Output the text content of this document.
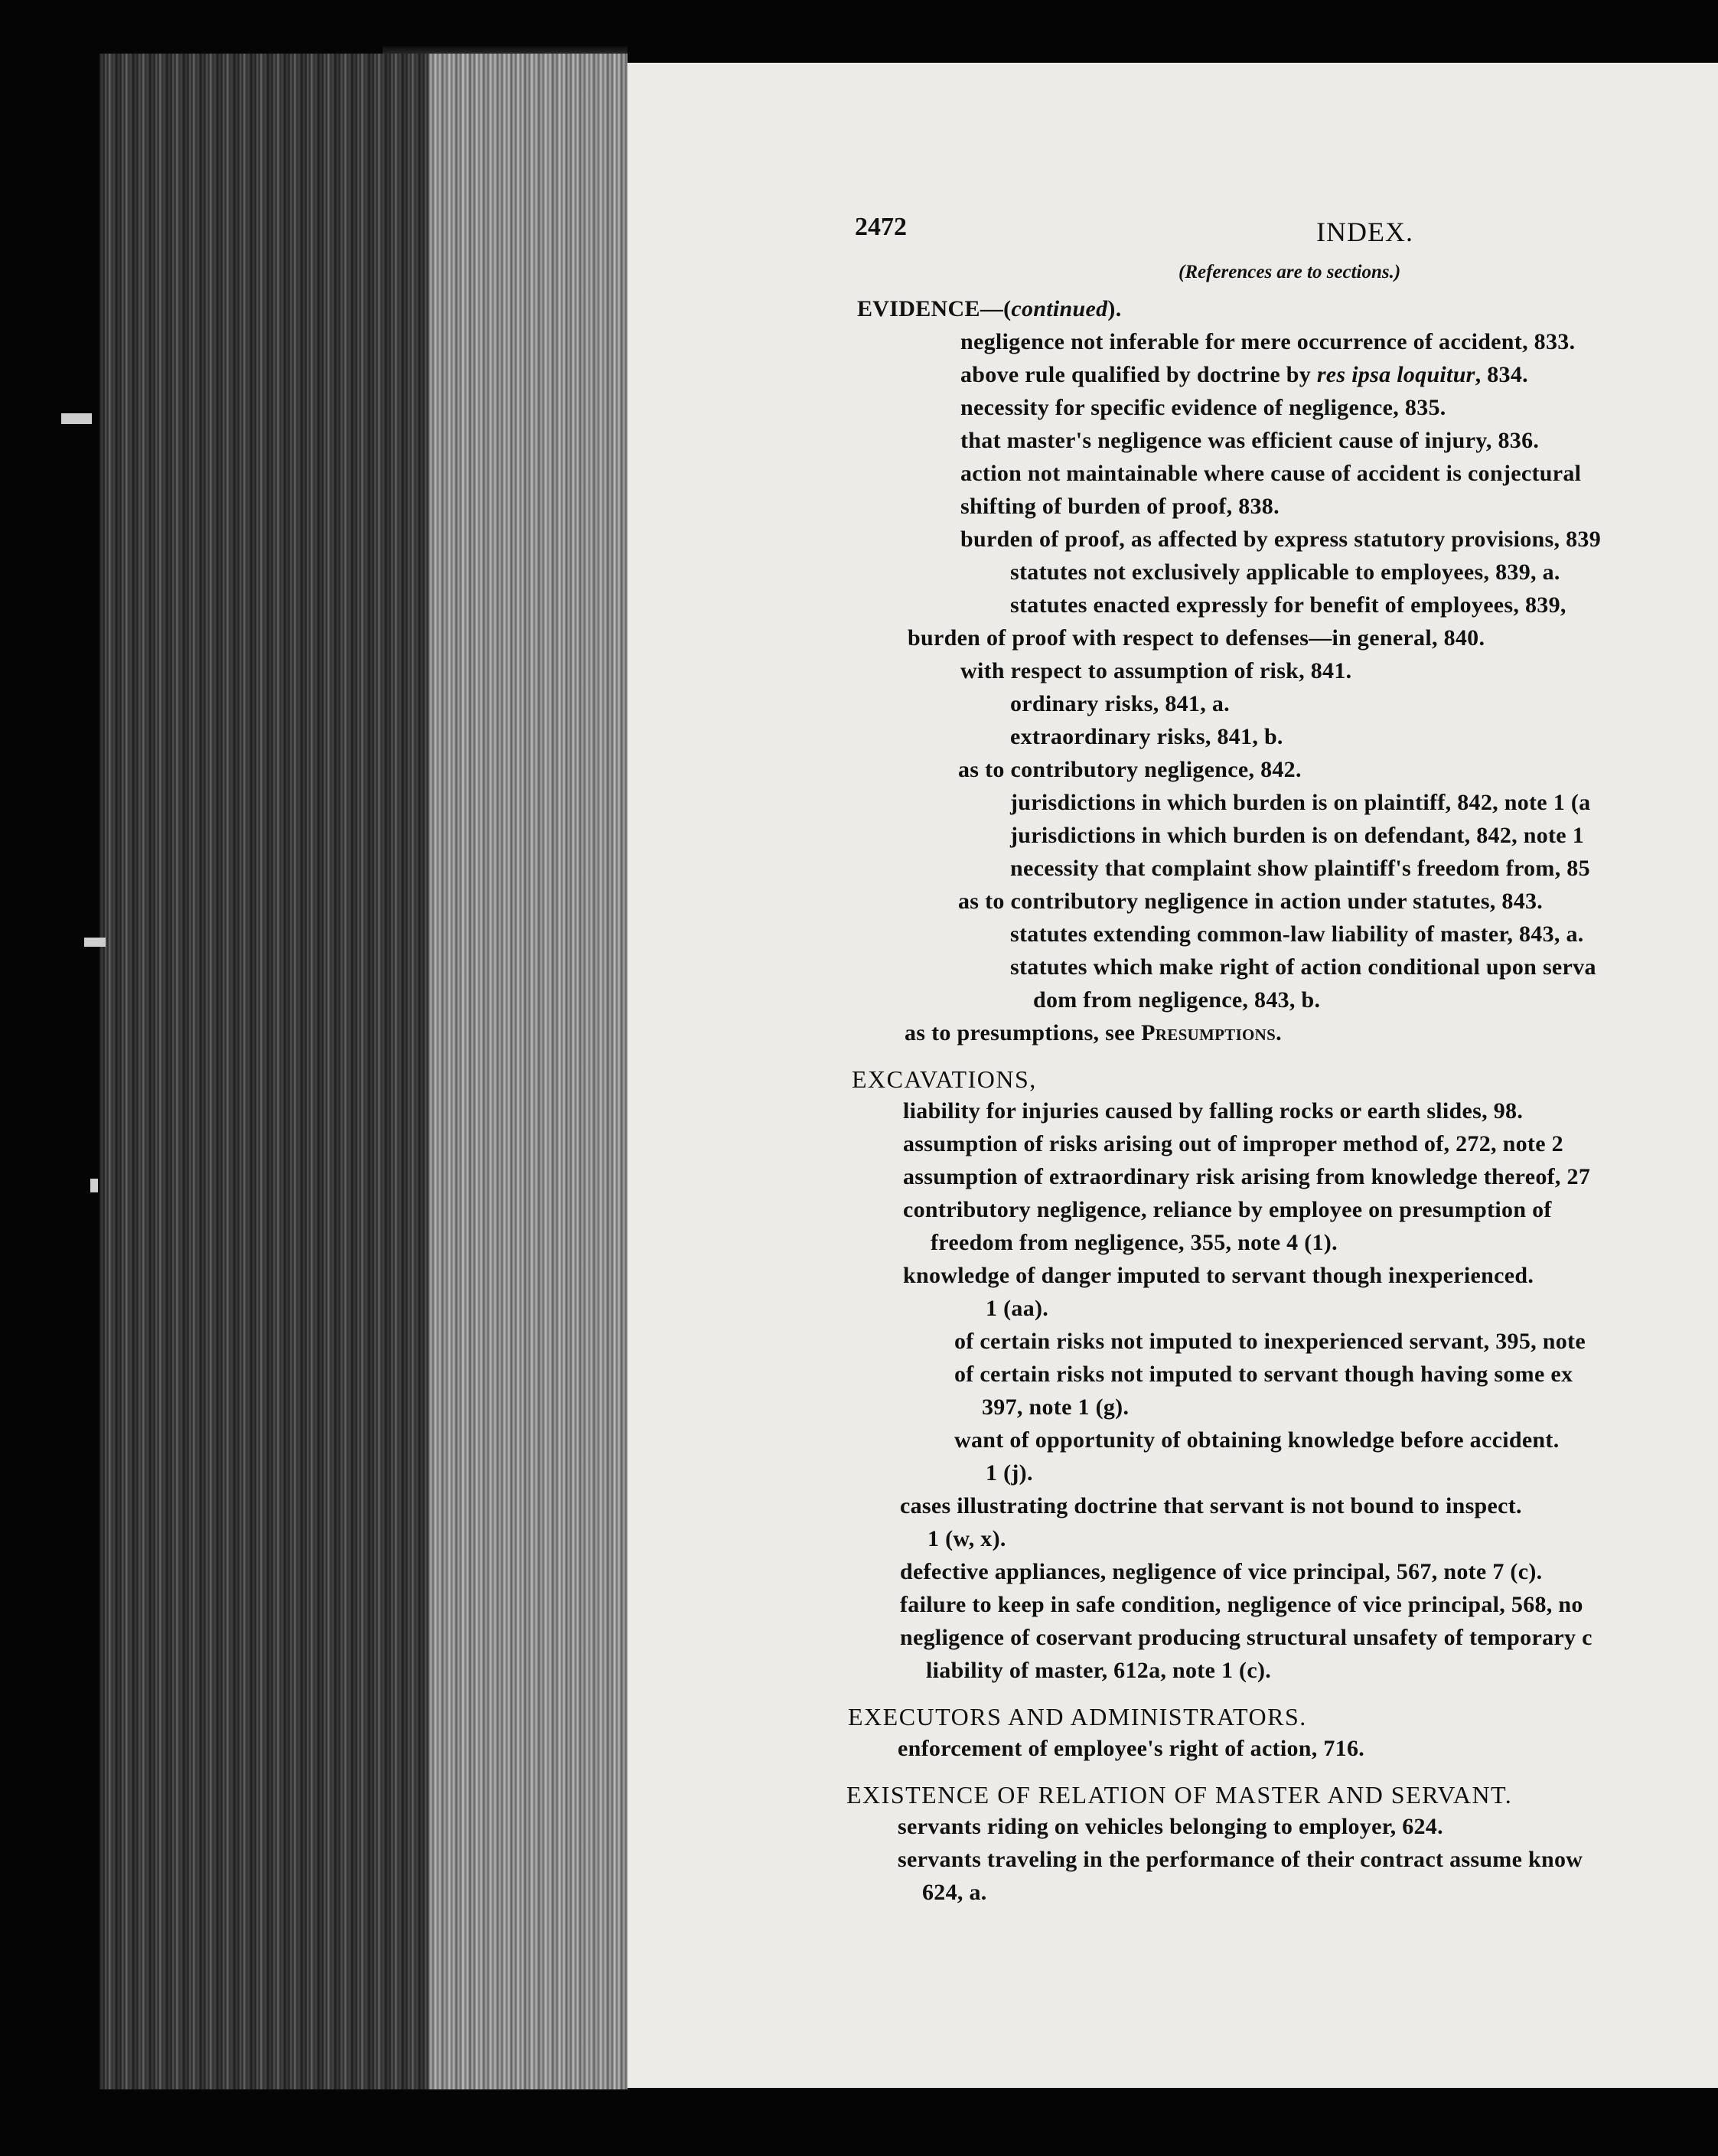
2472	INDEX.
(References are to sections.)
EVIDENCE—(continued).
negligence not inferable for mere occurrence of accident, 833.
above rule qualified by doctrine by res ipsa loquitur, 834.
necessity for specific evidence of negligence, 835.
that master's negligence was efficient cause of injury, 836.
action not maintainable where cause of accident is conjectural
shifting of burden of proof, 838.
burden of proof, as affected by express statutory provisions, 839
statutes not exclusively applicable to employees, 839, a.
statutes enacted expressly for benefit of employees, 839,
burden of proof with respect to defenses—in general, 840.
with respect to assumption of risk, 841.
ordinary risks, 841, a.
extraordinary risks, 841, b.
as to contributory negligence, 842.
jurisdictions in which burden is on plaintiff, 842, note 1 (a
jurisdictions in which burden is on defendant, 842, note 1
necessity that complaint show plaintiff's freedom from, 85
as to contributory negligence in action under statutes, 843.
statutes extending common-law liability of master, 843, a.
statutes which make right of action conditional upon serva
dom from negligence, 843, b.
as to presumptions, see Presumptions.
EXCAVATIONS,
liability for injuries caused by falling rocks or earth slides, 98.
assumption of risks arising out of improper method of, 272, note 2
assumption of extraordinary risk arising from knowledge thereof, 27
contributory negligence, reliance by employee on presumption of
freedom from negligence, 355, note 4 (1).
knowledge of danger imputed to servant though inexperienced.
1 (aa).
of certain risks not imputed to inexperienced servant, 395, note
of certain risks not imputed to servant though having some ex
397, note 1 (g).
want of opportunity of obtaining knowledge before accident.
1 (j).
cases illustrating doctrine that servant is not bound to inspect.
1 (w, x).
defective appliances, negligence of vice principal, 567, note 7 (c).
failure to keep in safe condition, negligence of vice principal, 568, no
negligence of coservant producing structural unsafety of temporary c
liability of master, 612a, note 1 (c).
EXECUTORS AND ADMINISTRATORS.
enforcement of employee's right of action, 716.
EXISTENCE OF RELATION OF MASTER AND SERVANT.
servants riding on vehicles belonging to employer, 624.
servants traveling in the performance of their contract assume know
624, a.
